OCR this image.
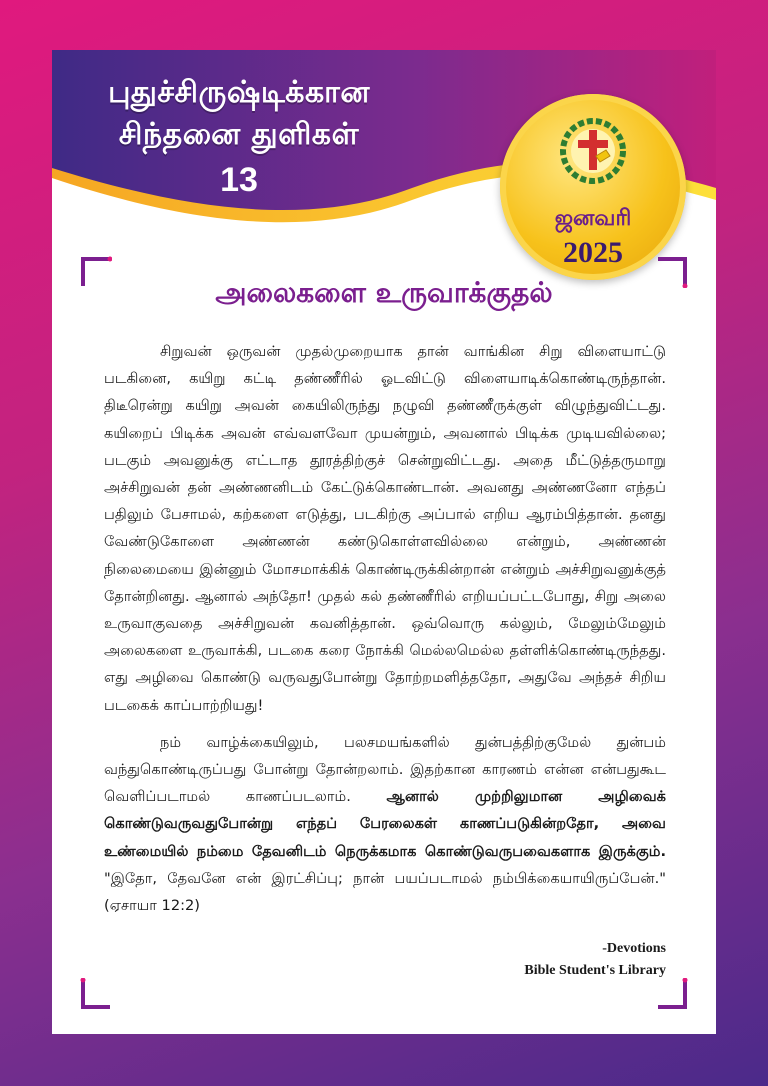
புதுச்சிருஷ்டிக்கான
சிந்தனை துளிகள்
13
ஜனவரி
2025
அலைகளை உருவாக்குதல்

சிறுவன் ஒருவன் முதல்முறையாக தான் வாங்கின சிறு விளையாட்டு படகினை, கயிறு கட்டி தண்ணீரில் ஓடவிட்டு விளையாடிக்கொண்டிருந்தான். திடீரென்று கயிறு அவன் கையிலிருந்து நழுவி தண்ணீருக்குள் விழுந்துவிட்டது. கயிறைப் பிடிக்க அவன் எவ்வளவோ முயன்றும், அவனால் பிடிக்க முடியவில்லை; படகும் அவனுக்கு எட்டாத தூரத்திற்குச் சென்றுவிட்டது. அதை மீட்டுத்தருமாறு அச்சிறுவன் தன் அண்ணனிடம் கேட்டுக்கொண்டான். அவனது அண்ணனோ எந்தப் பதிலும் பேசாமல், கற்களை எடுத்து, படகிற்கு அப்பால் எறிய ஆரம்பித்தான். தனது வேண்டுகோளை அண்ணன் கண்டுகொள்ளவில்லை என்றும், அண்ணன் நிலைமையை இன்னும் மோசமாக்கிக் கொண்டிருக்கின்றான் என்றும் அச்சிறுவனுக்குத் தோன்றினது. ஆனால் அந்தோ! முதல் கல் தண்ணீரில் எறியப்பட்டபோது, சிறு அலை உருவாகுவதை அச்சிறுவன் கவனித்தான். ஒவ்வொரு கல்லும், மேலும்மேலும் அலைகளை உருவாக்கி, படகை கரை நோக்கி மெல்லமெல்ல தள்ளிக்கொண்டிருந்தது. எது அழிவை கொண்டு வருவதுபோன்று தோற்றமளித்ததோ, அதுவே அந்தச் சிறிய படகைக் காப்பாற்றியது!

நம் வாழ்க்கையிலும், பலசமயங்களில் துன்பத்திற்குமேல் துன்பம் வந்துகொண்டிருப்பது போன்று தோன்றலாம். இதற்கான காரணம் என்ன என்பதுகூட வெளிப்படாமல் காணப்படலாம். ஆனால் முற்றிலுமான அழிவைக் கொண்டுவருவதுபோன்று எந்தப் பேரலைகள் காணப்படுகின்றதோ, அவை உண்மையில் நம்மை தேவனிடம் நெருக்கமாக கொண்டுவருபவைகளாக இருக்கும். "இதோ, தேவனே என் இரட்சிப்பு; நான் பயப்படாமல் நம்பிக்கையாயிருப்பேன்." (ஏசாயா 12:2)

-Devotions
Bible Student's Library
